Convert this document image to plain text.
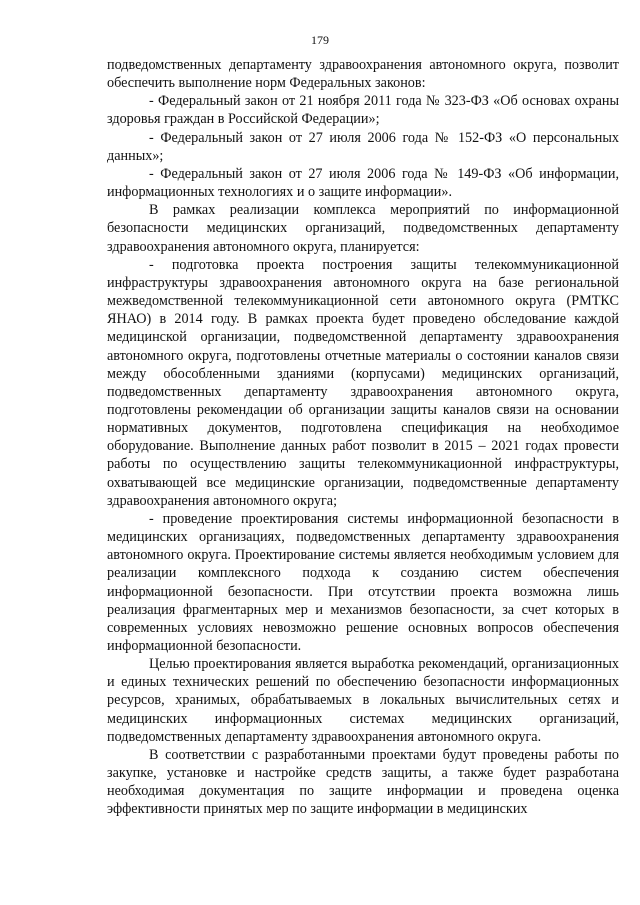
179

подведомственных департаменту здравоохранения автономного округа, позволит обеспечить выполнение норм Федеральных законов:

- Федеральный закон от 21 ноября 2011 года № 323-ФЗ «Об основах охраны здоровья граждан в Российской Федерации»;

- Федеральный закон от 27 июля 2006 года № 152-ФЗ «О персональных данных»;

- Федеральный закон от 27 июля 2006 года № 149-ФЗ «Об информации, информационных технологиях и о защите информации».

В рамках реализации комплекса мероприятий по информационной безопасности медицинских организаций, подведомственных департаменту здравоохранения автономного округа, планируется:

- подготовка проекта построения защиты телекоммуникационной инфраструктуры здравоохранения автономного округа на базе региональной межведомственной телекоммуникационной сети автономного округа (РМТКС ЯНАО) в 2014 году. В рамках проекта будет проведено обследование каждой медицинской организации, подведомственной департаменту здравоохранения автономного округа, подготовлены отчетные материалы о состоянии каналов связи между обособленными зданиями (корпусами) медицинских организаций, подведомственных департаменту здравоохранения автономного округа, подготовлены рекомендации об организации защиты каналов связи на основании нормативных документов, подготовлена спецификация на необходимое оборудование. Выполнение данных работ позволит в 2015 – 2021 годах провести работы по осуществлению защиты телекоммуникационной инфраструктуры, охватывающей все медицинские организации, подведомственные департаменту здравоохранения автономного округа;

- проведение проектирования системы информационной безопасности в медицинских организациях, подведомственных департаменту здравоохранения автономного округа. Проектирование системы является необходимым условием для реализации комплексного подхода к созданию систем обеспечения информационной безопасности. При отсутствии проекта возможна лишь реализация фрагментарных мер и механизмов безопасности, за счет которых в современных условиях невозможно решение основных вопросов обеспечения информационной безопасности.

Целью проектирования является выработка рекомендаций, организационных и единых технических решений по обеспечению безопасности информационных ресурсов, хранимых, обрабатываемых в локальных вычислительных сетях и медицинских информационных системах медицинских организаций, подведомственных департаменту здравоохранения автономного округа.

В соответствии с разработанными проектами будут проведены работы по закупке, установке и настройке средств защиты, а также будет разработана необходимая документация по защите информации и проведена оценка эффективности принятых мер по защите информации в медицинских
